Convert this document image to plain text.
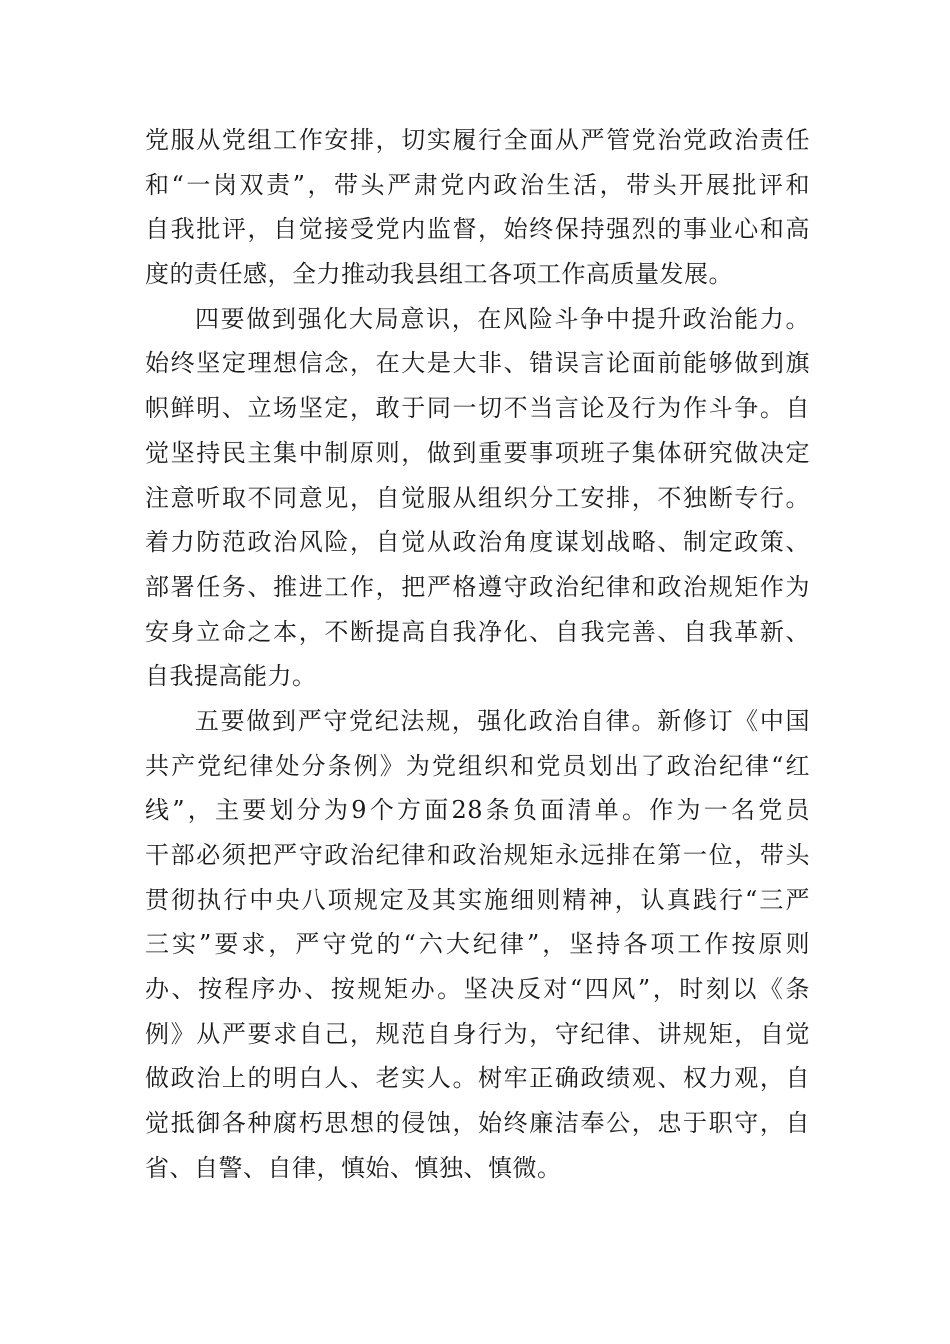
党服从党组工作安排，切实履行全面从严管党治党政治责任
和“一岗双责”，带头严肃党内政治生活，带头开展批评和
自我批评，自觉接受党内监督，始终保持强烈的事业心和高
度的责任感，全力推动我县组工各项工作高质量发展。
四要做到强化大局意识，在风险斗争中提升政治能力。
始终坚定理想信念，在大是大非、错误言论面前能够做到旗
帜鲜明、立场坚定，敢于同一切不当言论及行为作斗争。自
觉坚持民主集中制原则，做到重要事项班子集体研究做决定
注意听取不同意见，自觉服从组织分工安排，不独断专行。
着力防范政治风险，自觉从政治角度谋划战略、制定政策、
部署任务、推进工作，把严格遵守政治纪律和政治规矩作为
安身立命之本，不断提高自我净化、自我完善、自我革新、
自我提高能力。
五要做到严守党纪法规，强化政治自律。新修订《中国
共产党纪律处分条例》为党组织和党员划出了政治纪律“红
线”，主要划分为9个方面28条负面清单。作为一名党员
干部必须把严守政治纪律和政治规矩永远排在第一位，带头
贯彻执行中央八项规定及其实施细则精神，认真践行“三严
三实”要求，严守党的“六大纪律”，坚持各项工作按原则
办、按程序办、按规矩办。坚决反对“四风”，时刻以《条
例》从严要求自己，规范自身行为，守纪律、讲规矩，自觉
做政治上的明白人、老实人。树牢正确政绩观、权力观，自
觉抵御各种腐朽思想的侵蚀，始终廉洁奉公，忠于职守，自
省、自警、自律，慎始、慎独、慎微。
